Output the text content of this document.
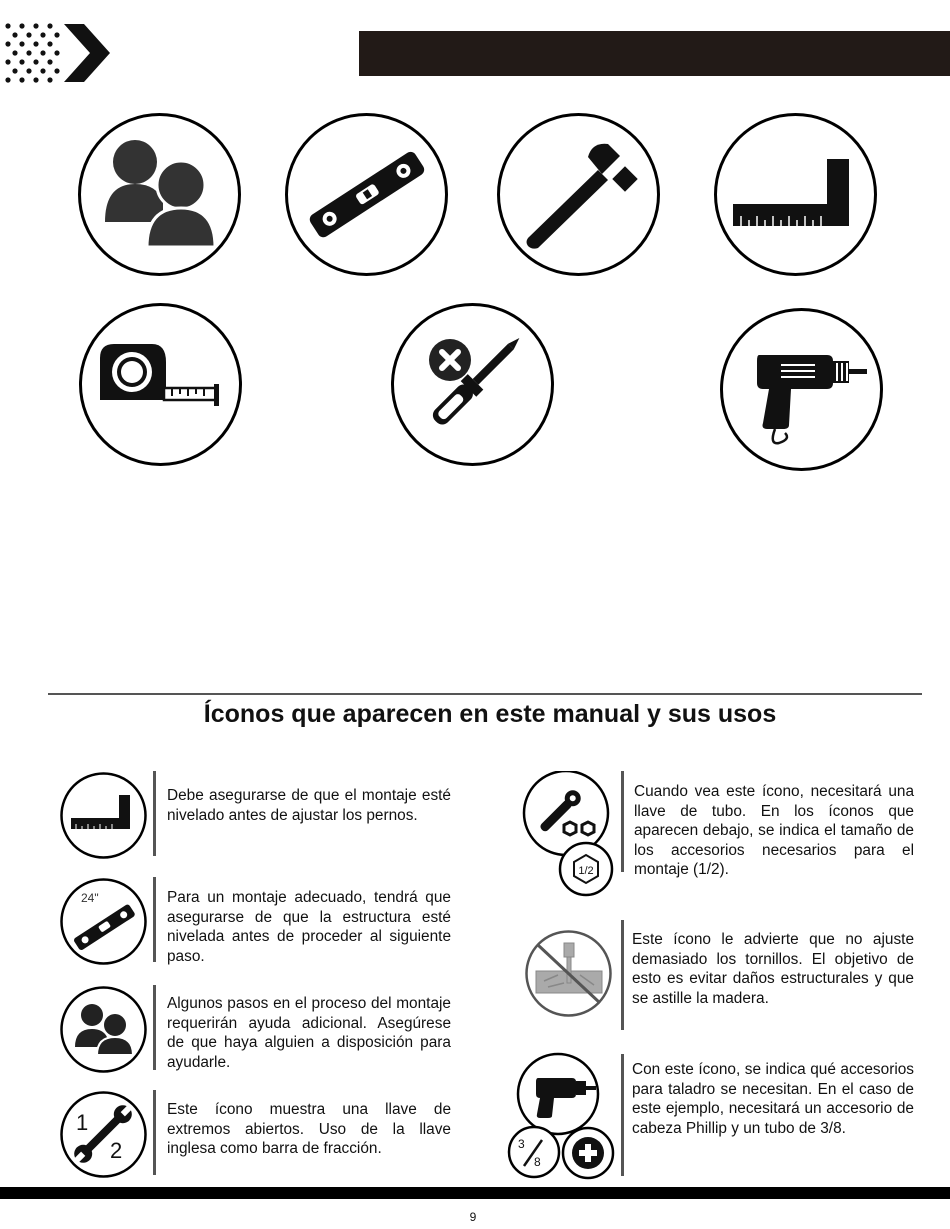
Íconos que aparecen en este manual y sus usos
Debe asegurarse de que el montaje esté nivelado antes de ajustar los pernos.
24"	Para un montaje adecuado, tendrá que asegurarse de que la estructura esté nivelada antes de proceder al siguiente paso.
Algunos pasos en el proceso del montaje requerirán ayuda adicional. Asegúrese de que haya alguien a disposición para ayudarle.
1
2
Este ícono muestra una llave de extremos abiertos. Uso de la llave inglesa como barra de fracción.
1/2
Cuando vea este ícono, necesitará una llave de tubo. En los íconos que aparecen debajo, se indica el tamaño de los accesorios necesarios para el montaje (1/2).
Este ícono le advierte que no ajuste demasiado los tornillos. El objetivo de esto es evitar daños estructurales y que se astille la madera.
3
8
Con este ícono, se indica qué accesorios para taladro se necesitan. En el caso de este ejemplo, necesitará un accesorio de cabeza Phillip y un tubo de 3/8.
9
